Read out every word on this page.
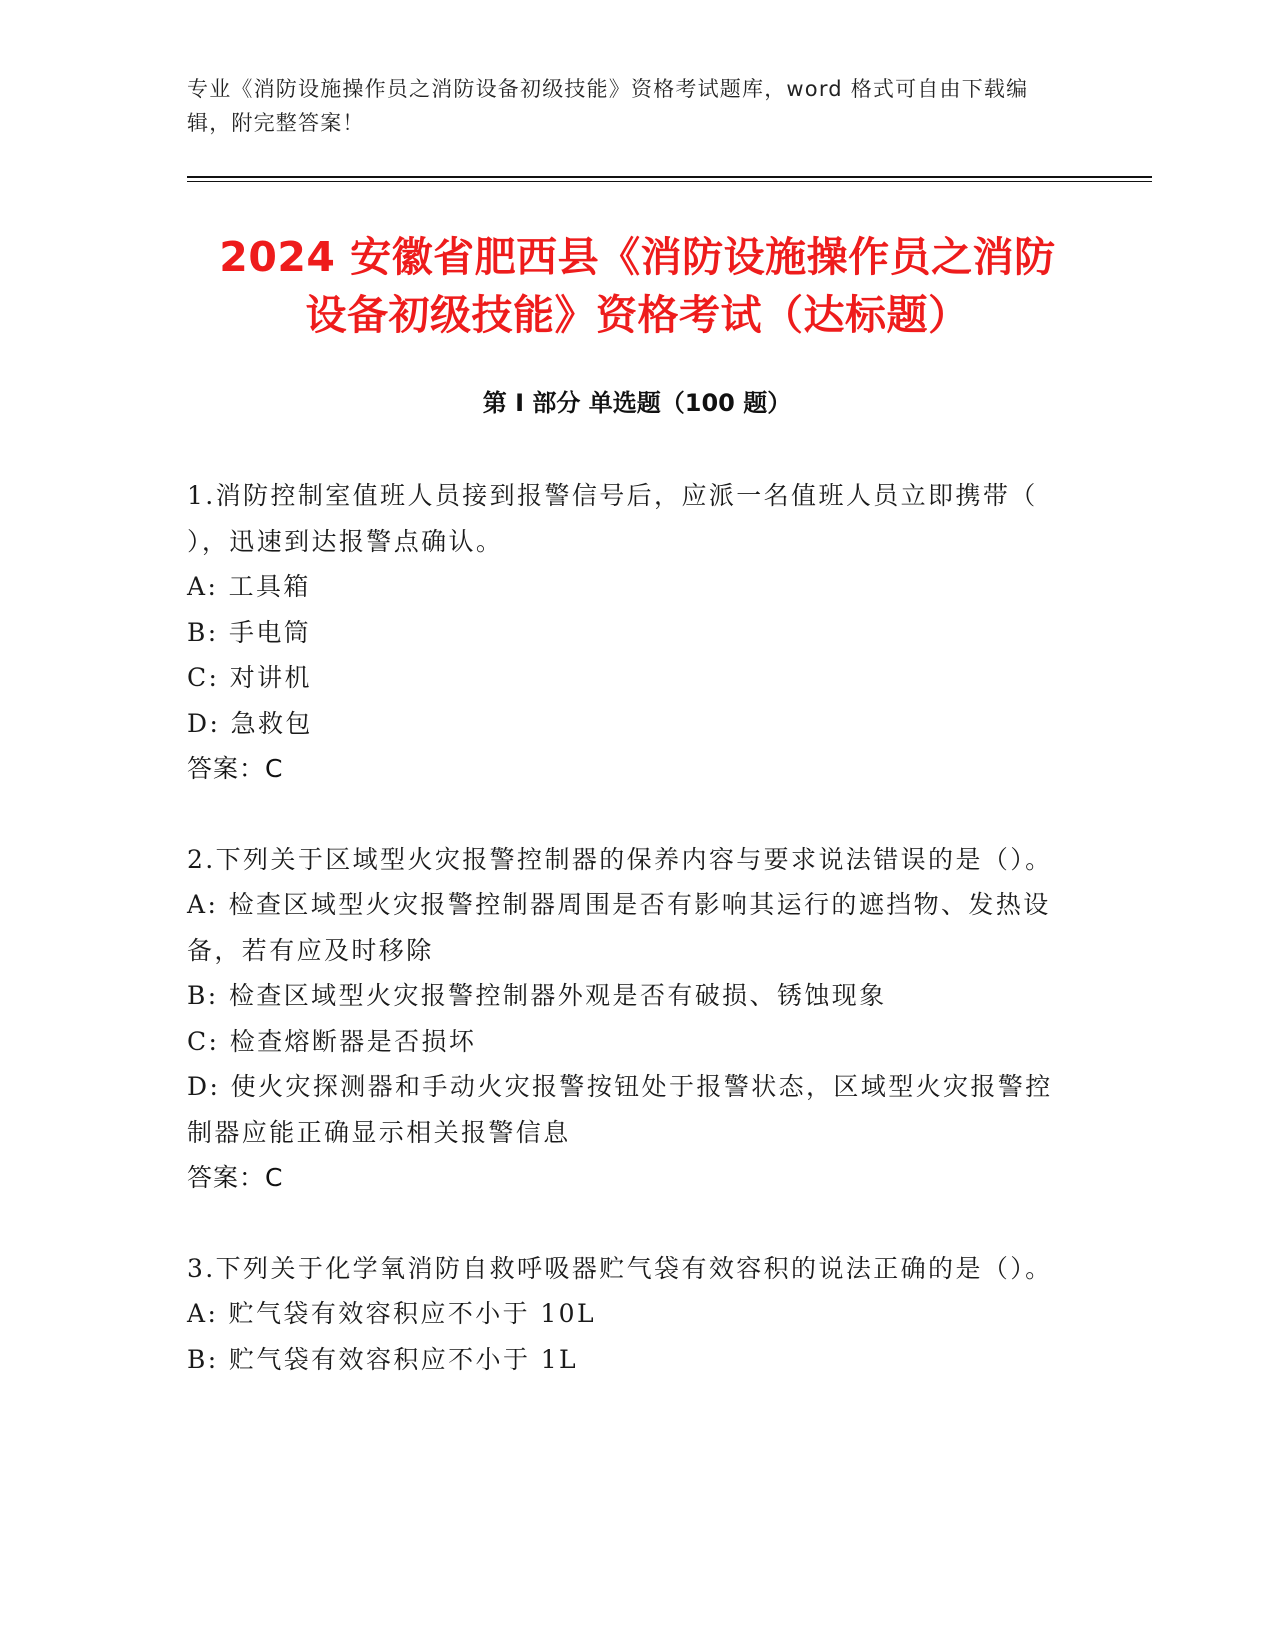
专业《消防设施操作员之消防设备初级技能》资格考试题库，word 格式可自由下载编辑，附完整答案！
2024 安徽省肥西县《消防设施操作员之消防
设备初级技能》资格考试（达标题）
第 I 部分 单选题（100 题）
1.消防控制室值班人员接到报警信号后，应派一名值班人员立即携带（ ），迅速到达报警点确认。
A: 工具箱
B: 手电筒
C: 对讲机
D: 急救包
答案：C
2.下列关于区域型火灾报警控制器的保养内容与要求说法错误的是（）。
A: 检查区域型火灾报警控制器周围是否有影响其运行的遮挡物、发热设备，若有应及时移除
B: 检查区域型火灾报警控制器外观是否有破损、锈蚀现象
C: 检查熔断器是否损坏
D: 使火灾探测器和手动火灾报警按钮处于报警状态，区域型火灾报警控制器应能正确显示相关报警信息
答案：C
3.下列关于化学氧消防自救呼吸器贮气袋有效容积的说法正确的是（）。
A: 贮气袋有效容积应不小于 10L
B: 贮气袋有效容积应不小于 1L
